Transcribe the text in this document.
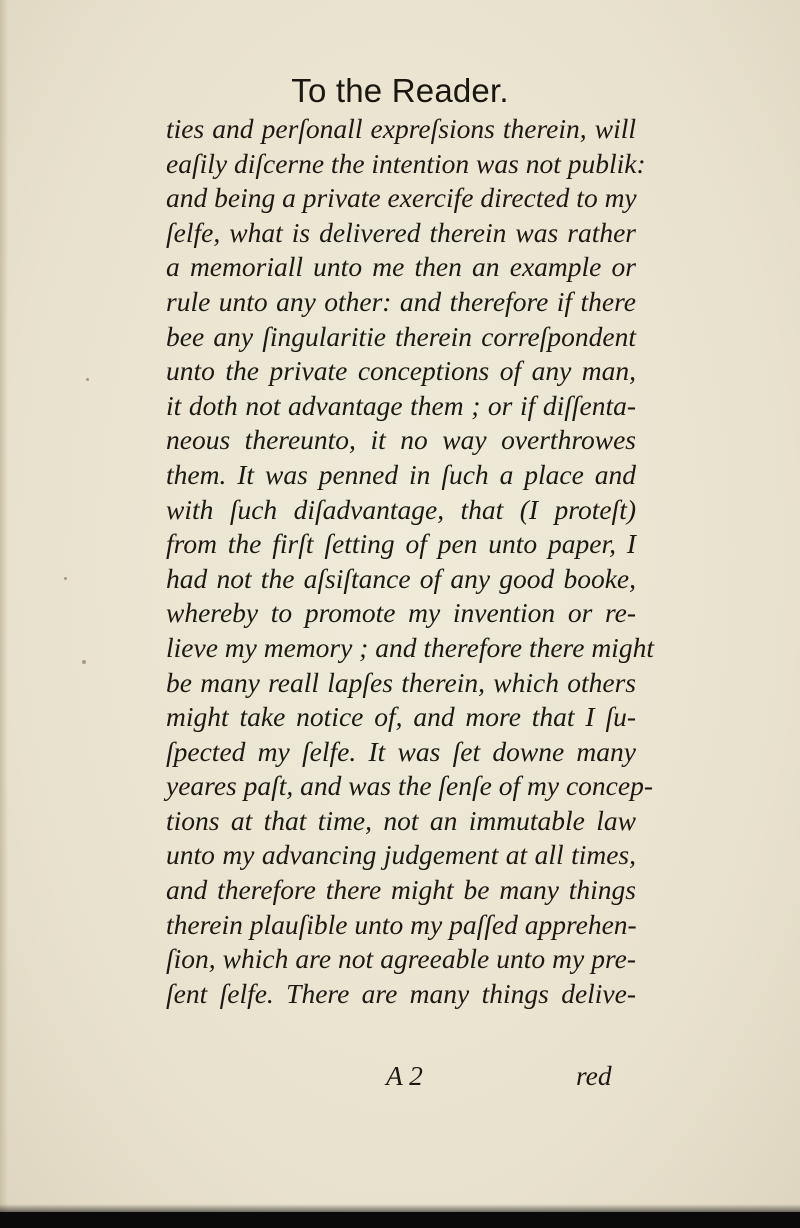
To the Reader.
ties and perſonall expreſsions therein, will
eaſily diſcerne the intention was not publik:
and being a private exercife directed to my
ſelfe, what is delivered therein was rather
a memoriall unto me then an example or
rule unto any other: and therefore if there
bee any ſingularitie therein correſpondent
unto the private conceptions of any man,
it doth not advantage them ; or if diſſenta-
neous thereunto, it no way overthrowes
them. It was penned in ſuch a place and
with ſuch diſadvantage, that (I proteſt)
from the firſt ſetting of pen unto paper, I
had not the aſsiſtance of any good booke,
whereby to promote my invention or re-
lieve my memory ; and therefore there might
be many reall lapſes therein, which others
might take notice of, and more that I ſu-
ſpected my ſelfe. It was ſet downe many
yeares paſt, and was the ſenſe of my concep-
tions at that time, not an immutable law
unto my advancing judgement at all times,
and therefore there might be many things
therein plauſible unto my paſſed apprehen-
ſion, which are not agreeable unto my pre-
ſent ſelfe. There are many things delive-
A 2	red
